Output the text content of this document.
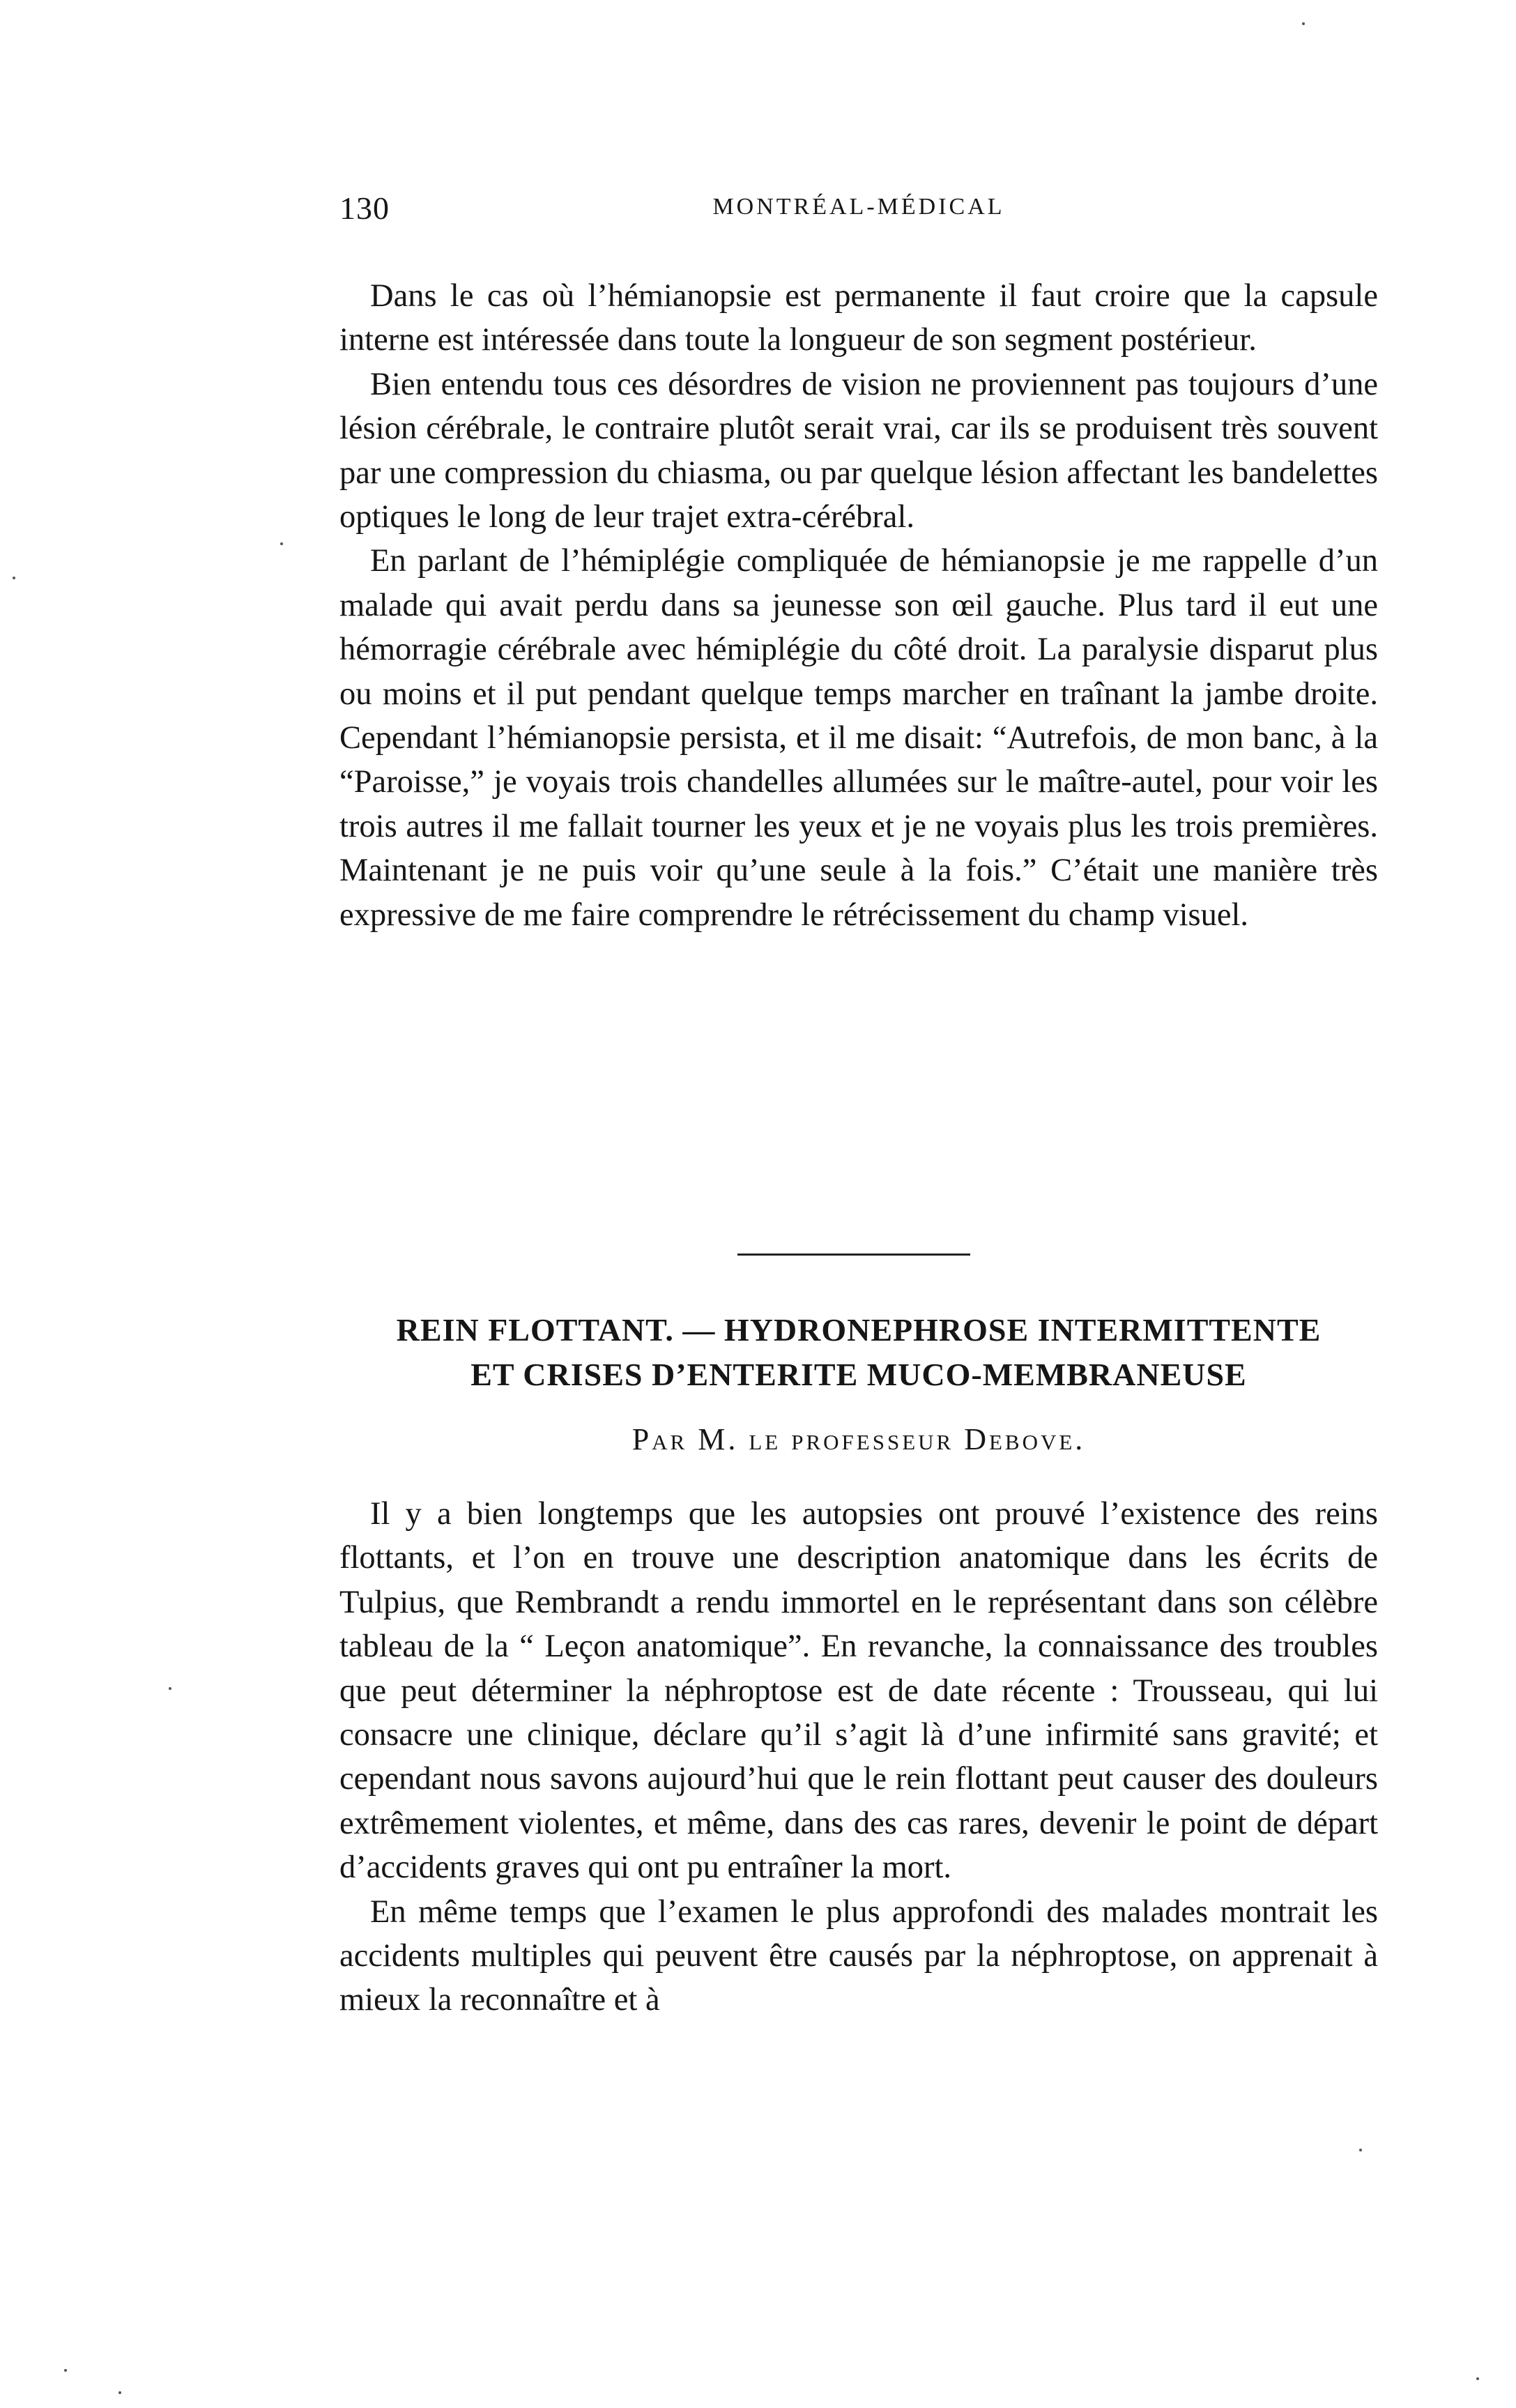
130	MONTRÉAL-MÉDICAL

Dans le cas où l’hémianopsie est permanente il faut croire que la capsule interne est intéressée dans toute la longueur de son segment postérieur.

Bien entendu tous ces désordres de vision ne proviennent pas toujours d’une lésion cérébrale, le contraire plutôt serait vrai, car ils se produisent très souvent par une compression du chiasma, ou par quelque lésion affectant les bandelettes optiques le long de leur trajet extra-cérébral.

En parlant de l’hémiplégie compliquée de hémianopsie je me rappelle d’un malade qui avait perdu dans sa jeunesse son œil gauche. Plus tard il eut une hémorragie cérébrale avec hémiplégie du côté droit. La paralysie disparut plus ou moins et il put pendant quelque temps marcher en traînant la jambe droite. Cependant l’hémianopsie persista, et il me disait: “Autrefois, de mon banc, à la “Paroisse,” je voyais trois chandelles allumées sur le maître-autel, pour voir les trois autres il me fallait tourner les yeux et je ne voyais plus les trois premières. Maintenant je ne puis voir qu’une seule à la fois.” C’était une manière très expressive de me faire comprendre le rétrécissement du champ visuel.

REIN FLOTTANT. — HYDRONEPHROSE INTERMITTENTE
ET CRISES D’ENTERITE MUCO-MEMBRANEUSE
Par M. le professeur Debove.

Il y a bien longtemps que les autopsies ont prouvé l’existence des reins flottants, et l’on en trouve une description anatomique dans les écrits de Tulpius, que Rembrandt a rendu immortel en le représentant dans son célèbre tableau de la “ Leçon anatomique”. En revanche, la connaissance des troubles que peut déterminer la néphroptose est de date récente : Trousseau, qui lui consacre une clinique, déclare qu’il s’agit là d’une infirmité sans gravité; et cependant nous savons aujourd’hui que le rein flottant peut causer des douleurs extrêmement violentes, et même, dans des cas rares, devenir le point de départ d’accidents graves qui ont pu entraîner la mort.

En même temps que l’examen le plus approfondi des malades montrait les accidents multiples qui peuvent être causés par la néphroptose, on apprenait à mieux la reconnaître et à
